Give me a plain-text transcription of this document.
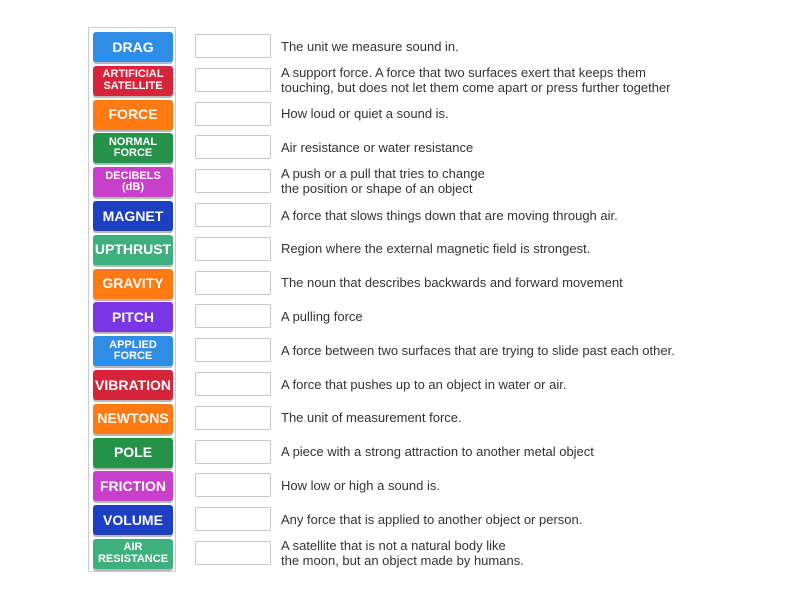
DRAG
ARTIFICIAL
SATELLITE
FORCE
NORMAL
FORCE
DECIBELS
(dB)
MAGNET
UPTHRUST
GRAVITY
PITCH
APPLIED
FORCE
VIBRATION
NEWTONS
POLE
FRICTION
VOLUME
AIR
RESISTANCE
The unit we measure sound in.
A support force. A force that two surfaces exert that keeps them
touching, but does not let them come apart or press further together
How loud or quiet a sound is.
Air resistance or water resistance
A push or a pull that tries to change
the position or shape of an object
A force that slows things down that are moving through air.
Region where the external magnetic field is strongest.
The noun that describes backwards and forward movement
A pulling force
A force between two surfaces that are trying to slide past each other.
A force that pushes up to an object in water or air.
The unit of measurement force.
A piece with a strong attraction to another metal object
How low or high a sound is.
Any force that is applied to another object or person.
A satellite that is not a natural body like
the moon, but an object made by humans.
